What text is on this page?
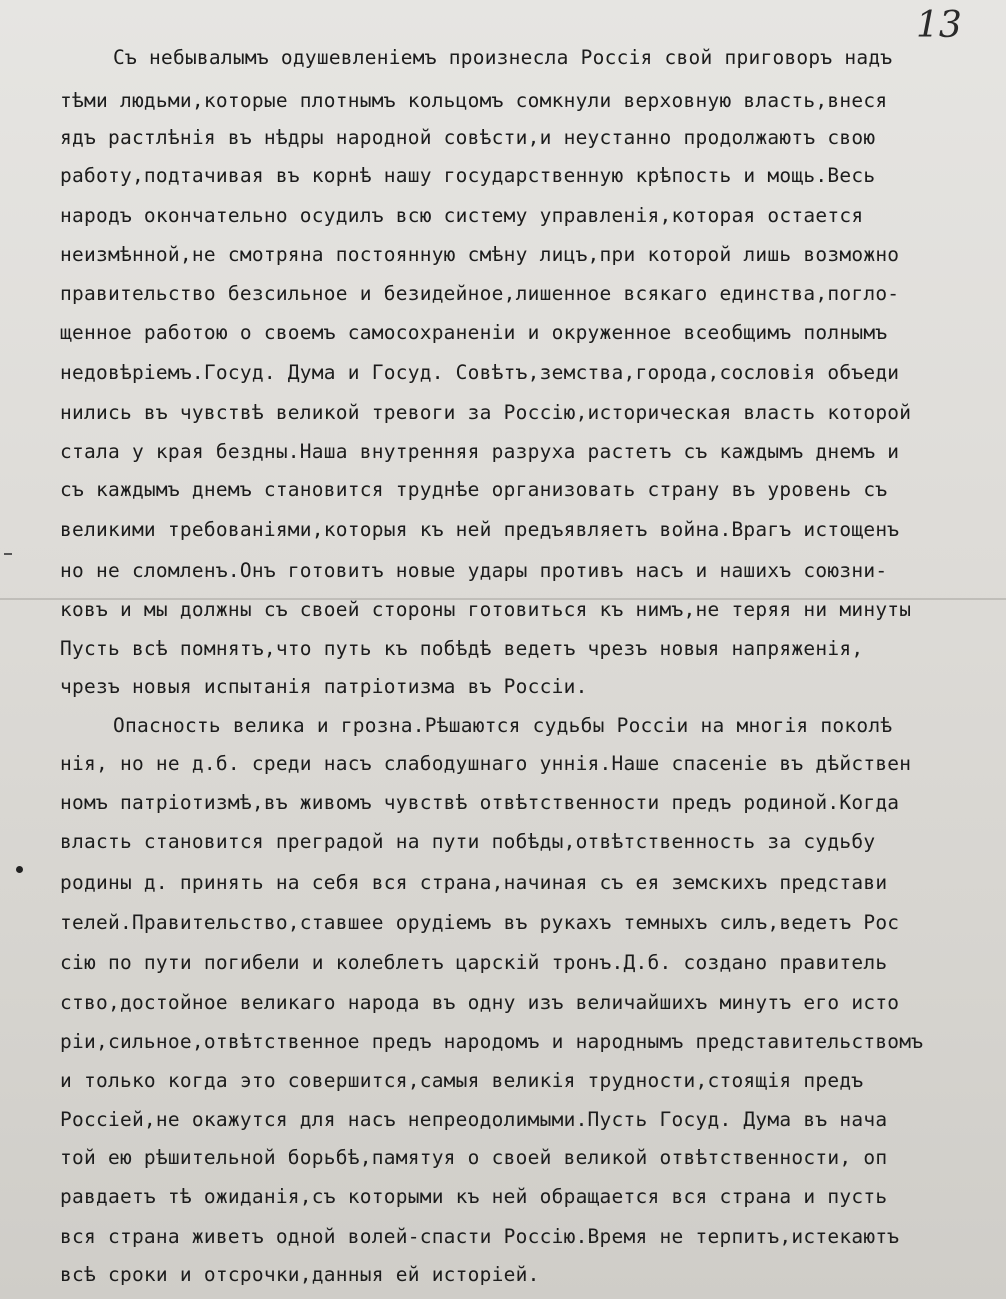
13

Съ небывалымъ одушевленіемъ произнесла Россія свой приговоръ надъ

тѣми людьми,которые плотнымъ кольцомъ сомкнули верховную власть,внеся

ядъ растлѣнія въ нѣдры народной совѣсти,и неустанно продолжаютъ свою

работу,подтачивая въ корнѣ нашу государственную крѣпость и мощь.Весь

народъ окончательно осудилъ всю систему управленія,которая остается

неизмѣнной,не смотряна постоянную смѣну лицъ,при которой лишь возможно

правительство безсильное и безидейное,лишенное всякаго единства,погло-

щенное работою о своемъ самосохраненіи и окруженное всеобщимъ полнымъ

недовѣріемъ.Госуд. Дума и Госуд. Совѣтъ,земства,города,сословія объеди

нились въ чувствѣ великой тревоги за Россію,историческая власть которой

стала у края бездны.Наша внутренняя разруха растетъ съ каждымъ днемъ и

съ каждымъ днемъ становится труднѣе организовать страну въ уровень съ

великими требованіями,которыя къ ней предъявляетъ война.Врагъ истощенъ

но не сломленъ.Онъ готовитъ новые удары противъ насъ и нашихъ союзни-

ковъ и мы должны съ своей стороны готовиться къ нимъ,не теряя ни минуты

Пусть всѣ помнятъ,что путь къ побѣдѣ ведетъ чрезъ новыя напряженія,

чрезъ новыя испытанія патріотизма въ Россіи.

Опасность велика и грозна.Рѣшаются судьбы Россіи на многія поколѣ

нія, но не д.б. среди насъ слабодушнаго уннія.Наше спасеніе въ дѣйствен

номъ патріотизмѣ,въ живомъ чувствѣ отвѣтственности предъ родиной.Когда

власть становится преградой на пути побѣды,отвѣтственность за судьбу

родины д. принять на себя вся страна,начиная съ ея земскихъ представи

телей.Правительство,ставшее орудіемъ въ рукахъ темныхъ силъ,ведетъ Рос

сію по пути погибели и колеблетъ царскій тронъ.Д.б. создано правитель

ство,достойное великаго народа въ одну изъ величайшихъ минутъ его исто

ріи,сильное,отвѣтственное предъ народомъ и народнымъ представительствомъ

и только когда это совершится,самыя великія трудности,стоящія предъ

Россіей,не окажутся для насъ непреодолимыми.Пусть Госуд. Дума въ нача

той ею рѣшительной борьбѣ,памятуя о своей великой отвѣтственности, оп

равдаетъ тѣ ожиданія,съ которыми къ ней обращается вся страна и пусть

вся страна живетъ одной волей-спасти Россію.Время не терпитъ,истекаютъ

всѣ сроки и отсрочки,данныя ей исторіей.
